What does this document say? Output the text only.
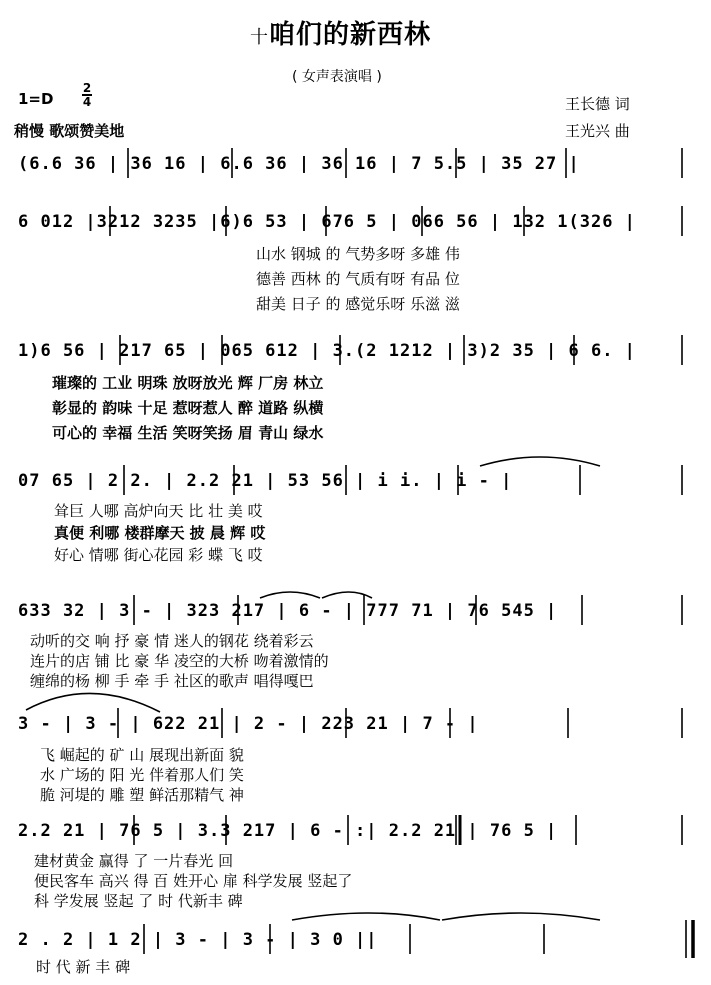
十咱们的新西林
( 女声表演唱 )
1=D
2
4
稍慢 歌颂赞美地
王长德 词
王光兴 曲
(6.6 36 | 36 16 | 6.6 36 | 36 16 | 7 5.5 | 35 27 |
6 012 |3212 3235 |6)6 53 | 676 5 | 066 56 | 132 1(326 |
1)6 56 | 217 65 | 065 612 | 3.(2 1212 | 3)2 35 | 6 6. |
07 65 | 2 2. | 2.2 21 | 53 56 | i i. | i - |
633 32 | 3 - | 323 217 | 6 - | 777 71 | 76 545 |
3 - | 3 - | 622 21 | 2 - | 223 21 | 7 - |
2.2 21 | 76 5 | 3.3 217 | 6 - :| 2.2 21 | 76 5 |
2 . 2 | 1 2 | 3 - | 3 - | 3 0 ||
山水 钢城 的 气势多呀 多雄 伟
德善 西林 的 气质有呀 有品 位
甜美 日子 的 感觉乐呀 乐滋 滋
璀璨的 工业 明珠 放呀放光 辉 厂房 林立
彰显的 韵味 十足 惹呀惹人 醉 道路 纵横
可心的 幸福 生活 笑呀笑扬 眉 青山 绿水
耸巨 人哪 高炉向天 比 壮 美 哎
真便 利哪 楼群摩天 披 晨 辉 哎
好心 情哪 街心花园 彩 蝶 飞 哎
动听的交 响 抒 豪 情 迷人的钢花 绕着彩云
连片的店 铺 比 豪 华 凌空的大桥 吻着激情的
缠绵的杨 柳 手 牵 手 社区的歌声 唱得嘎巴
飞 崛起的 矿 山 展现出新面 貌
水 广场的 阳 光 伴着那人们 笑
脆 河堤的 雕 塑 鲜活那精气 神
建材黄金 赢得 了 一片春光 回
便民客车 高兴 得 百 姓开心 扉 科学发展 竖起了
科 学发展 竖起 了 时 代新丰 碑
时 代 新 丰 碑
